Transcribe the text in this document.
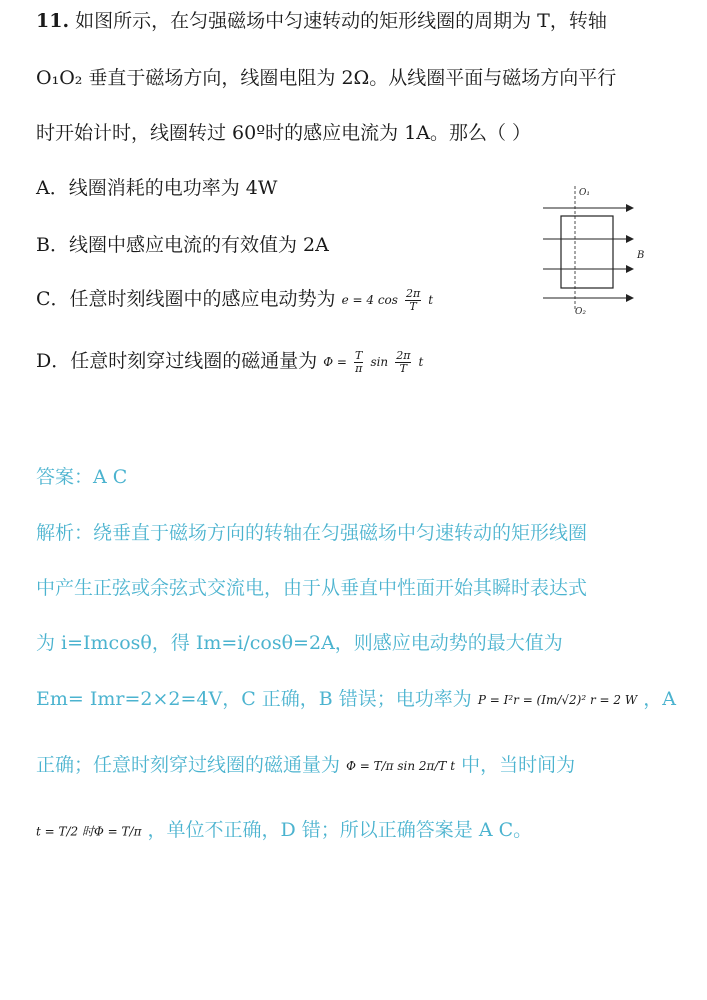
11. 如图所示，在匀强磁场中匀速转动的矩形线圈的周期为 T，转轴
O₁O₂ 垂直于磁场方向，线圈电阻为 2Ω。从线圈平面与磁场方向平行
时开始计时，线圈转过 60º时的感应电流为 1A。那么（ ）
A．线圈消耗的电功率为 4W
B．线圈中感应电流的有效值为 2A
C．任意时刻线圈中的感应电动势为 e = 4 $\cos \frac{2\pi}{T}$ t
D．任意时刻穿过线圈的磁通量为 $\Phi = \frac{T}{\pi}$ $\sin \frac{2\pi}{T}$ t
O₁
O₂
B
答案：A C
解析：绕垂直于磁场方向的转轴在匀强磁场中匀速转动的矩形线圈
中产生正弦或余弦式交流电，由于从垂直中性面开始其瞬时表达式
为 i=Imcosθ，得 Im=i/cosθ=2A，则感应电动势的最大值为
Em= Imr=2×2=4V，C 正确，B 错误；电功率为 P = I²r = (Im/√2)² r = 2 W ，A
正确；任意时刻穿过线圈的磁通量为 Φ = T/π sin 2π/T t 中，当时间为
t = T/2 时Φ = T/π ，单位不正确，D 错；所以正确答案是 A C。
